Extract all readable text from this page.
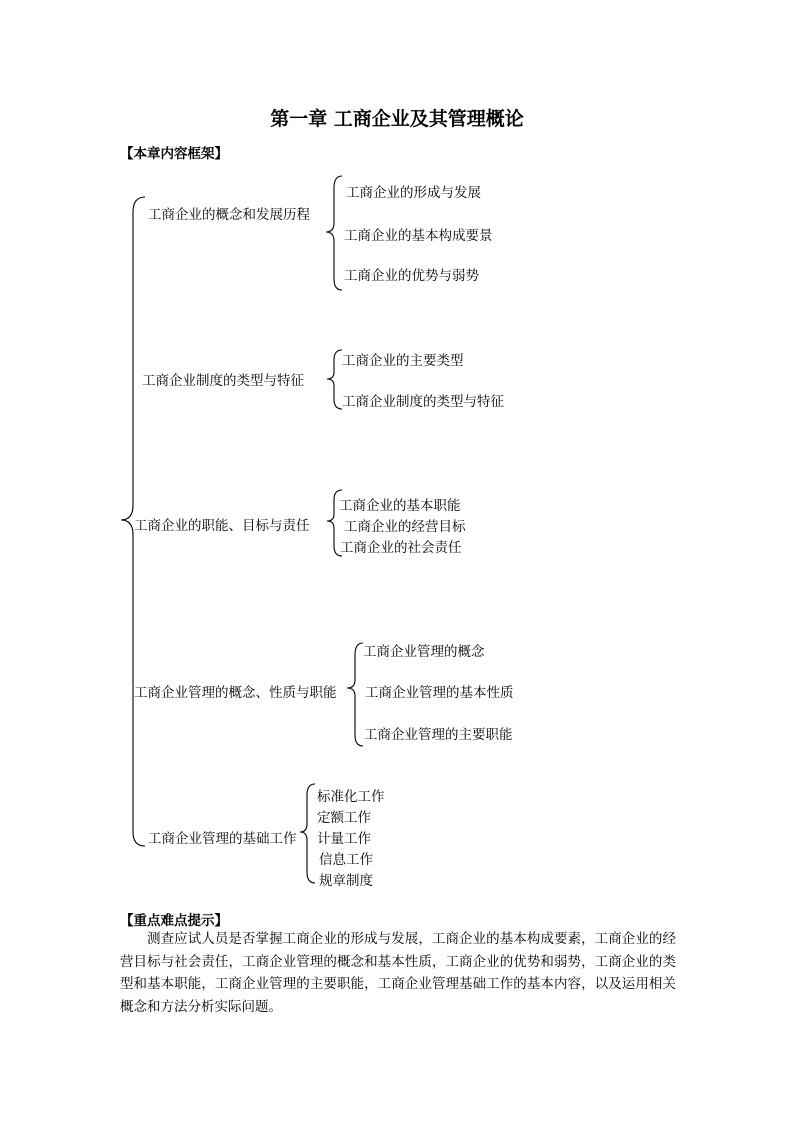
第一章 工商企业及其管理概论
【本章内容框架】
工商企业的概念和发展历程
工商企业制度的类型与特征
工商企业的职能、目标与责任
工商企业管理的概念、性质与职能
工商企业管理的基础工作
工商企业的形成与发展
工商企业的基本构成要景
工商企业的优势与弱势
工商企业的主要类型
工商企业制度的类型与特征
工商企业的基本职能
工商企业的经营目标
工商企业的社会责任
工商企业管理的概念
工商企业管理的基本性质
工商企业管理的主要职能
标准化工作
定额工作
计量工作
信息工作
规章制度
【重点难点提示】
测查应试人员是否掌握工商企业的形成与发展，工商企业的基本构成要素，工商企业的经营目标与社会责任，工商企业管理的概念和基本性质，工商企业的优势和弱势，工商企业的类型和基本职能，工商企业管理的主要职能，工商企业管理基础工作的基本内容，以及运用相关概念和方法分析实际问题。
